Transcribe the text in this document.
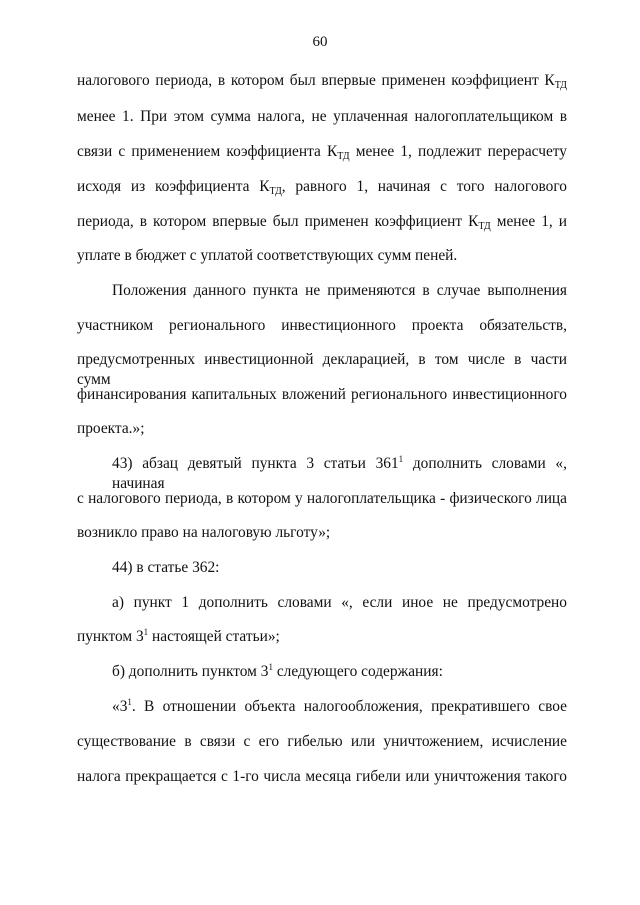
60
налогового периода, в котором был впервые применен коэффициент $К_{ТД}$
менее 1. При этом сумма налога, не уплаченная налогоплательщиком в
связи с применением коэффициента $К_{ТД}$ менее 1, подлежит перерасчету
исходя из коэффициента $К_{ТД}$, равного 1, начиная с того налогового
периода, в котором впервые был применен коэффициент $К_{ТД}$ менее 1, и
уплате в бюджет с уплатой соответствующих сумм пеней.
Положения данного пункта не применяются в случае выполнения
участником регионального инвестиционного проекта обязательств,
предусмотренных инвестиционной декларацией, в том числе в части сумм
финансирования капитальных вложений регионального инвестиционного
проекта.»;
43) абзац девятый пункта 3 статьи $361^1$ дополнить словами «, начиная
с налогового периода, в котором у налогоплательщика - физического лица
возникло право на налоговую льготу»;
44) в статье 362:
а) пункт 1 дополнить словами «, если иное не предусмотрено
пунктом $3^1$ настоящей статьи»;
б) дополнить пунктом $3^1$ следующего содержания:
«$3^1$. В отношении объекта налогообложения, прекратившего свое
существование в связи с его гибелью или уничтожением, исчисление
налога прекращается с 1-го числа месяца гибели или уничтожения такого
